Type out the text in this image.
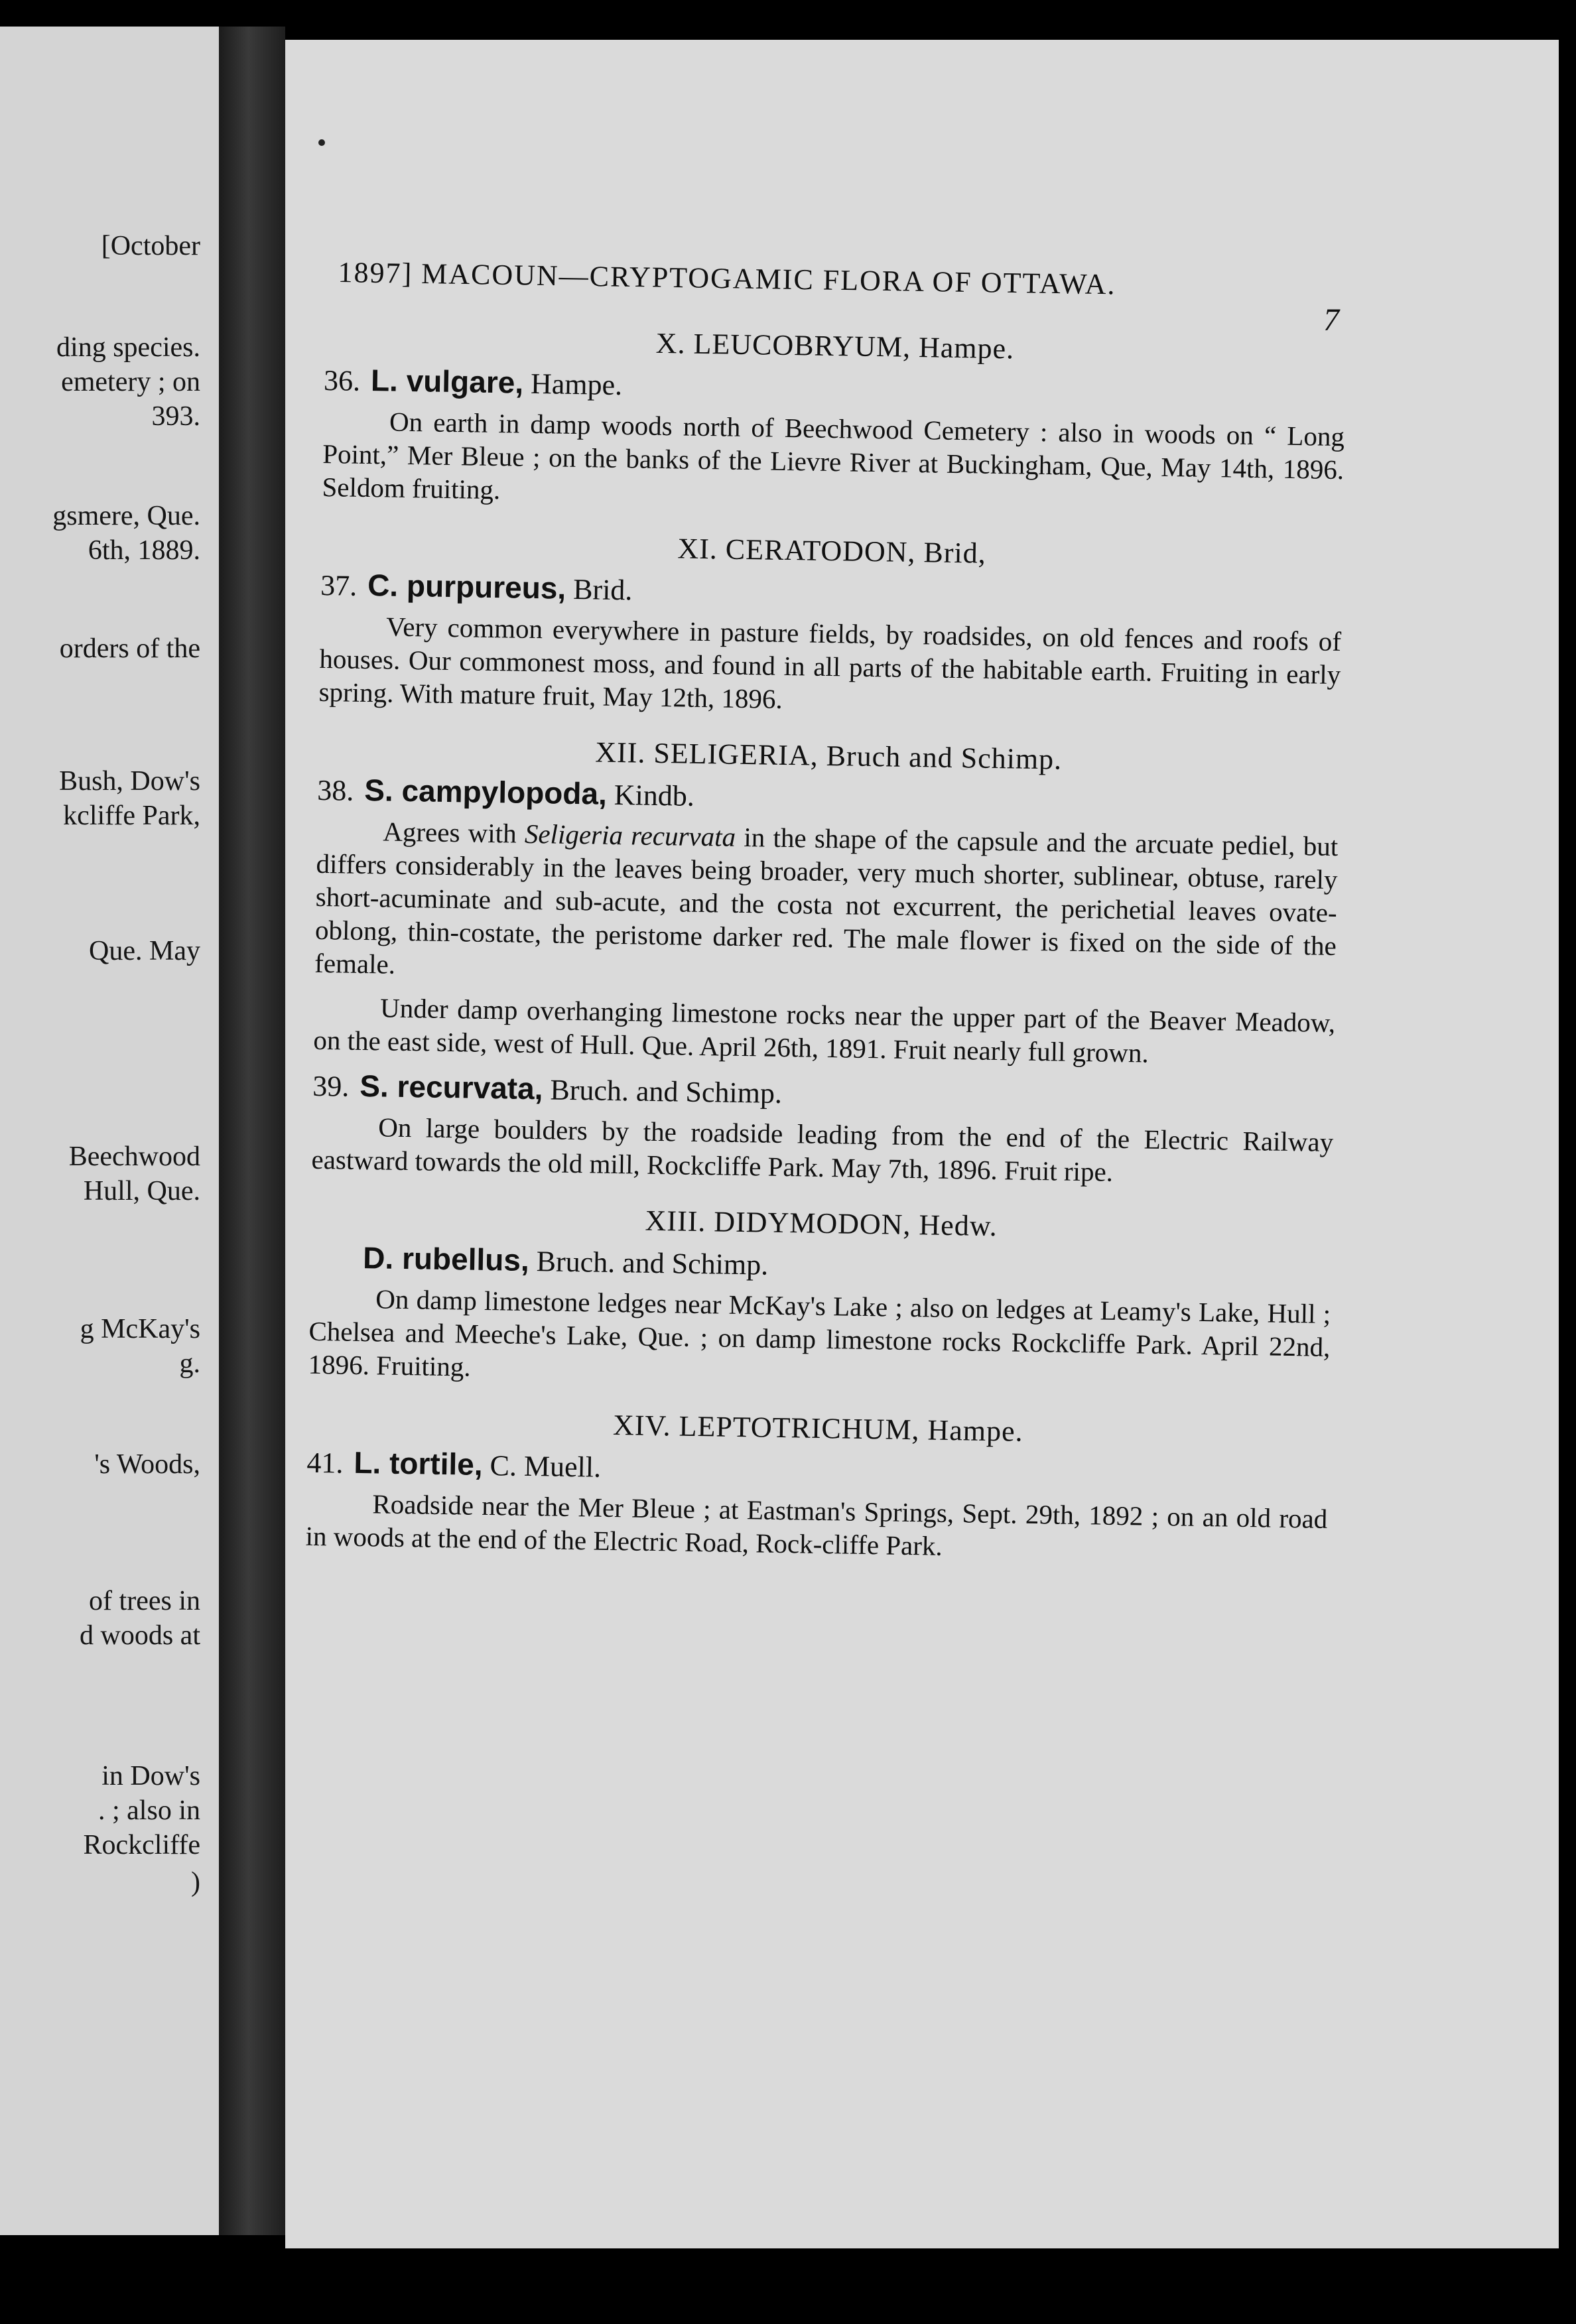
[October
ding species.
emetery ; on
393.
gsmere, Que.
6th, 1889.
orders of the
Bush, Dow's
kcliffe Park,
Que. May
Beechwood
Hull, Que.
g McKay's
g.
's Woods,
of trees in
d woods at
in Dow's
. ; also in
Rockcliffe
)
1897] MACOUN—CRYPTOGAMIC FLORA OF OTTAWA.
7
X. LEUCOBRYUM, Hampe.
36. L. vulgare, Hampe.

On earth in damp woods north of Beechwood Cemetery : also in woods on “ Long Point,” Mer Bleue ; on the banks of the Lievre River at Buckingham, Que, May 14th, 1896. Seldom fruiting.

XI. CERATODON, Brid,
37. C. purpureus, Brid.

Very common everywhere in pasture fields, by roadsides, on old fences and roofs of houses. Our commonest moss, and found in all parts of the habitable earth. Fruiting in early spring. With mature fruit, May 12th, 1896.

XII. SELIGERIA, Bruch and Schimp.
38. S. campylopoda, Kindb.

Agrees with Seligeria recurvata in the shape of the capsule and the arcuate pediel, but differs considerably in the leaves being broader, very much shorter, sublinear, obtuse, rarely short-acuminate and sub-acute, and the costa not excurrent, the perichetial leaves ovate-oblong, thin-costate, the peristome darker red. The male flower is fixed on the side of the female.

Under damp overhanging limestone rocks near the upper part of the Beaver Meadow, on the east side, west of Hull. Que. April 26th, 1891. Fruit nearly full grown.

39. S. recurvata, Bruch. and Schimp.

On large boulders by the roadside leading from the end of the Electric Railway eastward towards the old mill, Rockcliffe Park. May 7th, 1896. Fruit ripe.

XIII. DIDYMODON, Hedw.
D. rubellus, Bruch. and Schimp.

On damp limestone ledges near McKay's Lake ; also on ledges at Leamy's Lake, Hull ; Chelsea and Meeche's Lake, Que. ; on damp limestone rocks Rockcliffe Park. April 22nd, 1896. Fruiting.

XIV. LEPTOTRICHUM, Hampe.
41. L. tortile, C. Muell.

Roadside near the Mer Bleue ; at Eastman's Springs, Sept. 29th, 1892 ; on an old road in woods at the end of the Electric Road, Rock-cliffe Park.
